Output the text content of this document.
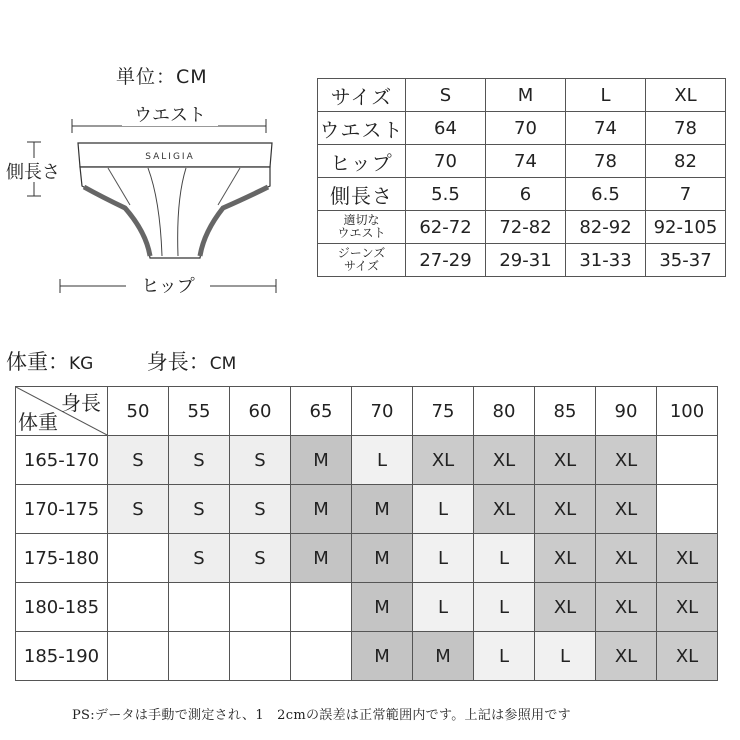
単位：CM
ウエスト
側長さ
SALIGIA
ヒップ
サイズ	S	M	L	XL
ウエスト	64	70	74	78
ヒップ	70	74	78	82
側長さ	5.5	6	6.5	7

適切な
ウエスト	62-72	72-82	82-92	92-105

ジーンズ
サイズ	27-29	29-31	31-33	35-37
体重：KG	身長：CM
身長
体重	50	55	60	65	70	75	80	85	90	100
165-170	S	S	S	M	L	XL	XL	XL	XL	
170-175	S	S	S	M	M	L	XL	XL	XL	
175-180		S	S	M	M	L	L	XL	XL	XL
180-185					M	L	L	XL	XL	XL
185-190					M	M	L	L	XL	XL
PS:データは手動で測定され、1　2cmの誤差は正常範囲内です。上記は参照用です
